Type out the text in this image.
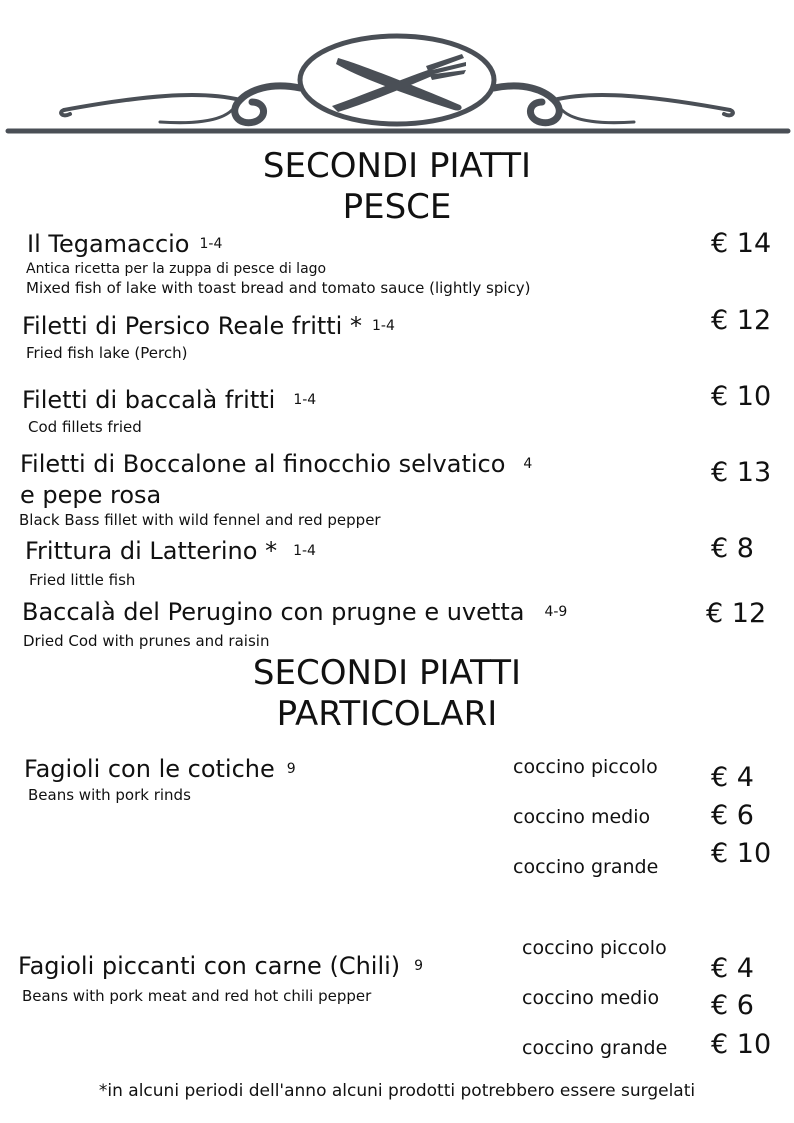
SECONDI PIATTI
PESCE
Il Tegamaccio 1-4
Antica ricetta per la zuppa di pesce di lago
Mixed fish of lake with toast bread and tomato sauce (lightly spicy)
€ 14
Filetti di Persico Reale fritti * 1-4
Fried fish lake (Perch)
€ 12
Filetti di baccalà fritti 1-4
Cod fillets fried
€ 10
Filetti di Boccalone al finocchio selvatico 4
e pepe rosa
Black Bass fillet with wild fennel and red pepper
€ 13
Frittura di Latterino * 1-4
Fried little fish
€ 8
Baccalà del Perugino con prugne e uvetta 4-9
Dried Cod with prunes and raisin
€ 12
SECONDI PIATTI
PARTICOLARI
Fagioli con le cotiche 9
Beans with pork rinds
coccino piccolo € 4
coccino medio € 6
coccino grande € 10
Fagioli piccanti con carne (Chili) 9
Beans with pork meat and red hot chili pepper
coccino piccolo
€ 4
coccino medio € 6
coccino grande € 10
*in alcuni periodi dell'anno alcuni prodotti potrebbero essere surgelati
